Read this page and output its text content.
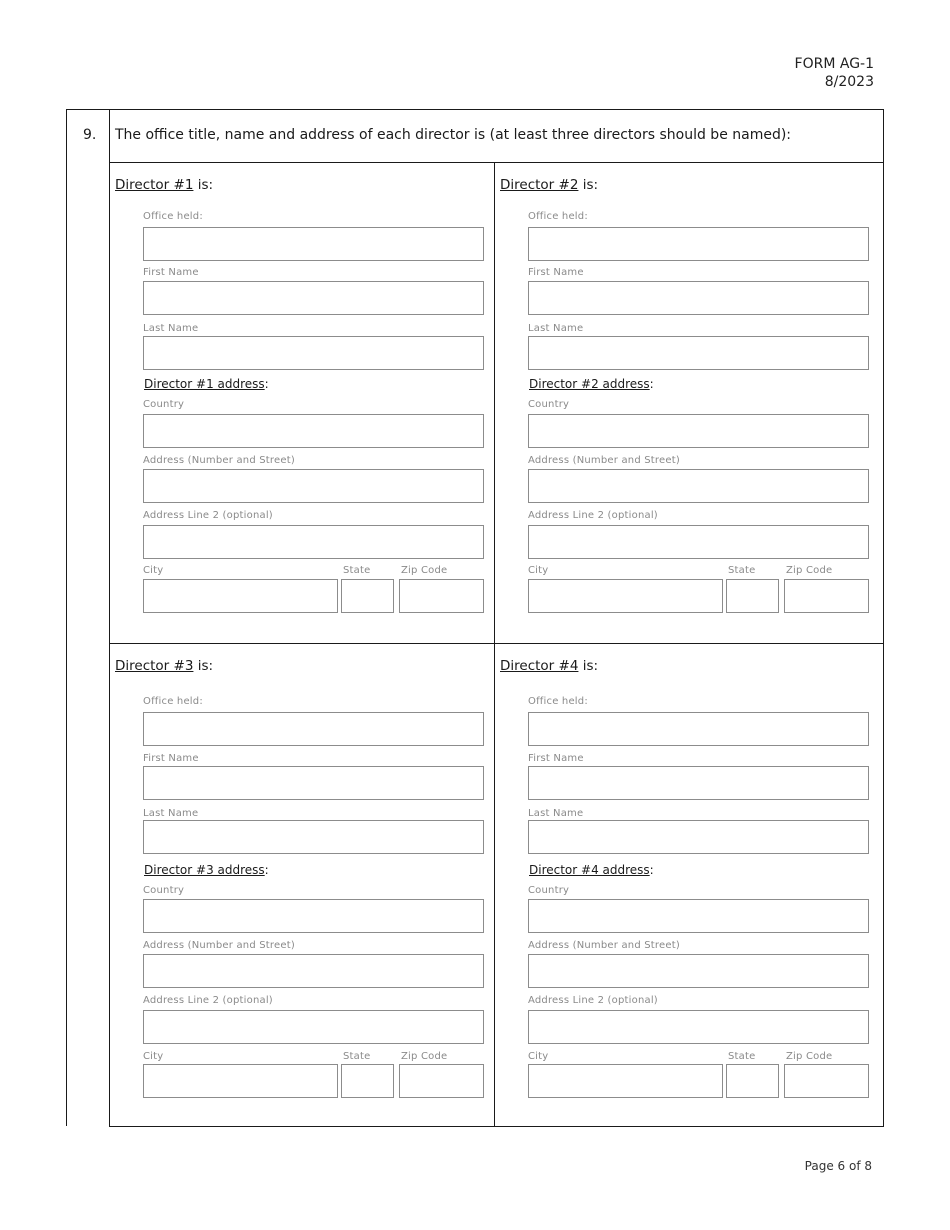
FORM AG-1
8/2023
9. The office title, name and address of each director is (at least three directors should be named):
Director #1 is:
Office held:
First Name
Last Name
Director #1 address:
Country
Address (Number and Street)
Address Line 2 (optional)
City	State	Zip Code
Director #2 is:
Office held:
First Name
Last Name
Director #2 address:
Country
Address (Number and Street)
Address Line 2 (optional)
City	State	Zip Code
Director #3 is:
Office held:
First Name
Last Name
Director #3 address:
Country
Address (Number and Street)
Address Line 2 (optional)
City	State	Zip Code
Director #4 is:
Office held:
First Name
Last Name
Director #4 address:
Country
Address (Number and Street)
Address Line 2 (optional)
City	State	Zip Code
Page 6 of 8
